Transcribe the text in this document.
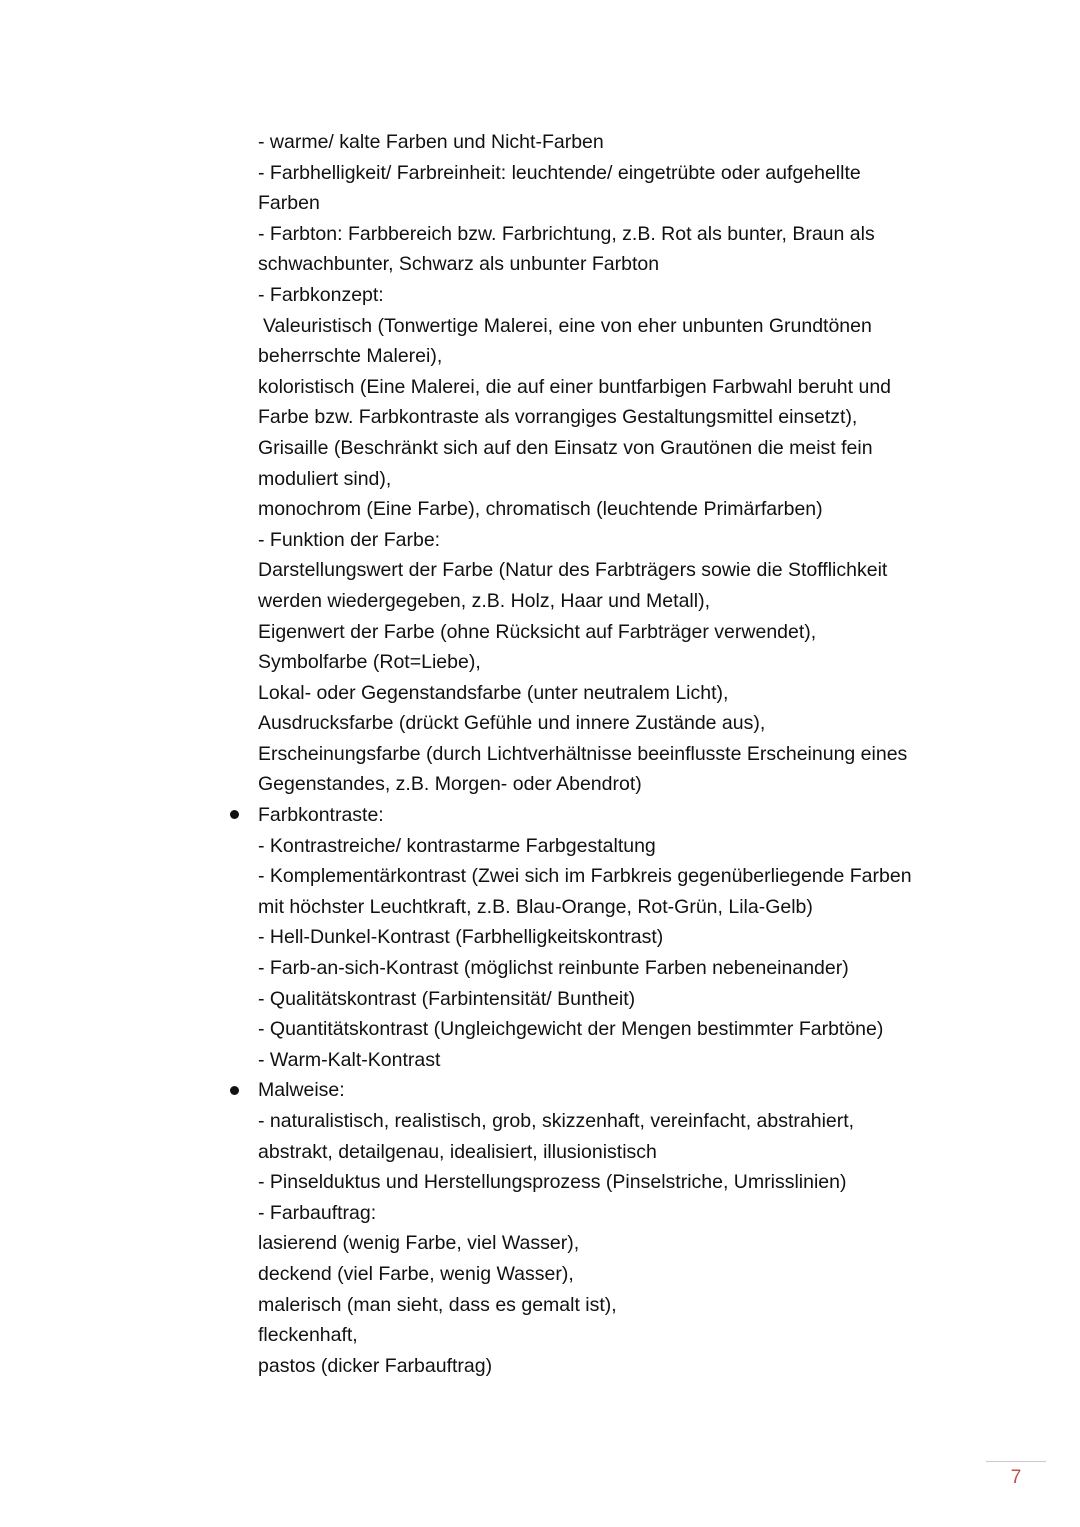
- warme/ kalte Farben und Nicht-Farben
- Farbhelligkeit/ Farbreinheit: leuchtende/ eingetrübte oder aufgehellte
Farben
- Farbton: Farbbereich bzw. Farbrichtung, z.B. Rot als bunter, Braun als
schwachbunter, Schwarz als unbunter Farbton
- Farbkonzept:
Valeuristisch (Tonwertige Malerei, eine von eher unbunten Grundtönen
beherrschte Malerei),
koloristisch (Eine Malerei, die auf einer buntfarbigen Farbwahl beruht und
Farbe bzw. Farbkontraste als vorrangiges Gestaltungsmittel einsetzt),
Grisaille (Beschränkt sich auf den Einsatz von Grautönen die meist fein
moduliert sind),
monochrom (Eine Farbe), chromatisch (leuchtende Primärfarben)
- Funktion der Farbe:
Darstellungswert der Farbe (Natur des Farbträgers sowie die Stofflichkeit
werden wiedergegeben, z.B. Holz, Haar und Metall),
Eigenwert der Farbe (ohne Rücksicht auf Farbträger verwendet),
Symbolfarbe (Rot=Liebe),
Lokal- oder Gegenstandsfarbe (unter neutralem Licht),
Ausdrucksfarbe (drückt Gefühle und innere Zustände aus),
Erscheinungsfarbe (durch Lichtverhältnisse beeinflusste Erscheinung eines
Gegenstandes, z.B. Morgen- oder Abendrot)
Farbkontraste:
- Kontrastreiche/ kontrastarme Farbgestaltung
- Komplementärkontrast (Zwei sich im Farbkreis gegenüberliegende Farben
mit höchster Leuchtkraft, z.B. Blau-Orange, Rot-Grün, Lila-Gelb)
- Hell-Dunkel-Kontrast (Farbhelligkeitskontrast)
- Farb-an-sich-Kontrast (möglichst reinbunte Farben nebeneinander)
- Qualitätskontrast (Farbintensität/ Buntheit)
- Quantitätskontrast (Ungleichgewicht der Mengen bestimmter Farbtöne)
- Warm-Kalt-Kontrast
Malweise:
- naturalistisch, realistisch, grob, skizzenhaft, vereinfacht, abstrahiert,
abstrakt, detailgenau, idealisiert, illusionistisch
- Pinselduktus und Herstellungsprozess (Pinselstriche, Umrisslinien)
- Farbauftrag:
lasierend (wenig Farbe, viel Wasser),
deckend (viel Farbe, wenig Wasser),
malerisch (man sieht, dass es gemalt ist),
fleckenhaft,
pastos (dicker Farbauftrag)
7
